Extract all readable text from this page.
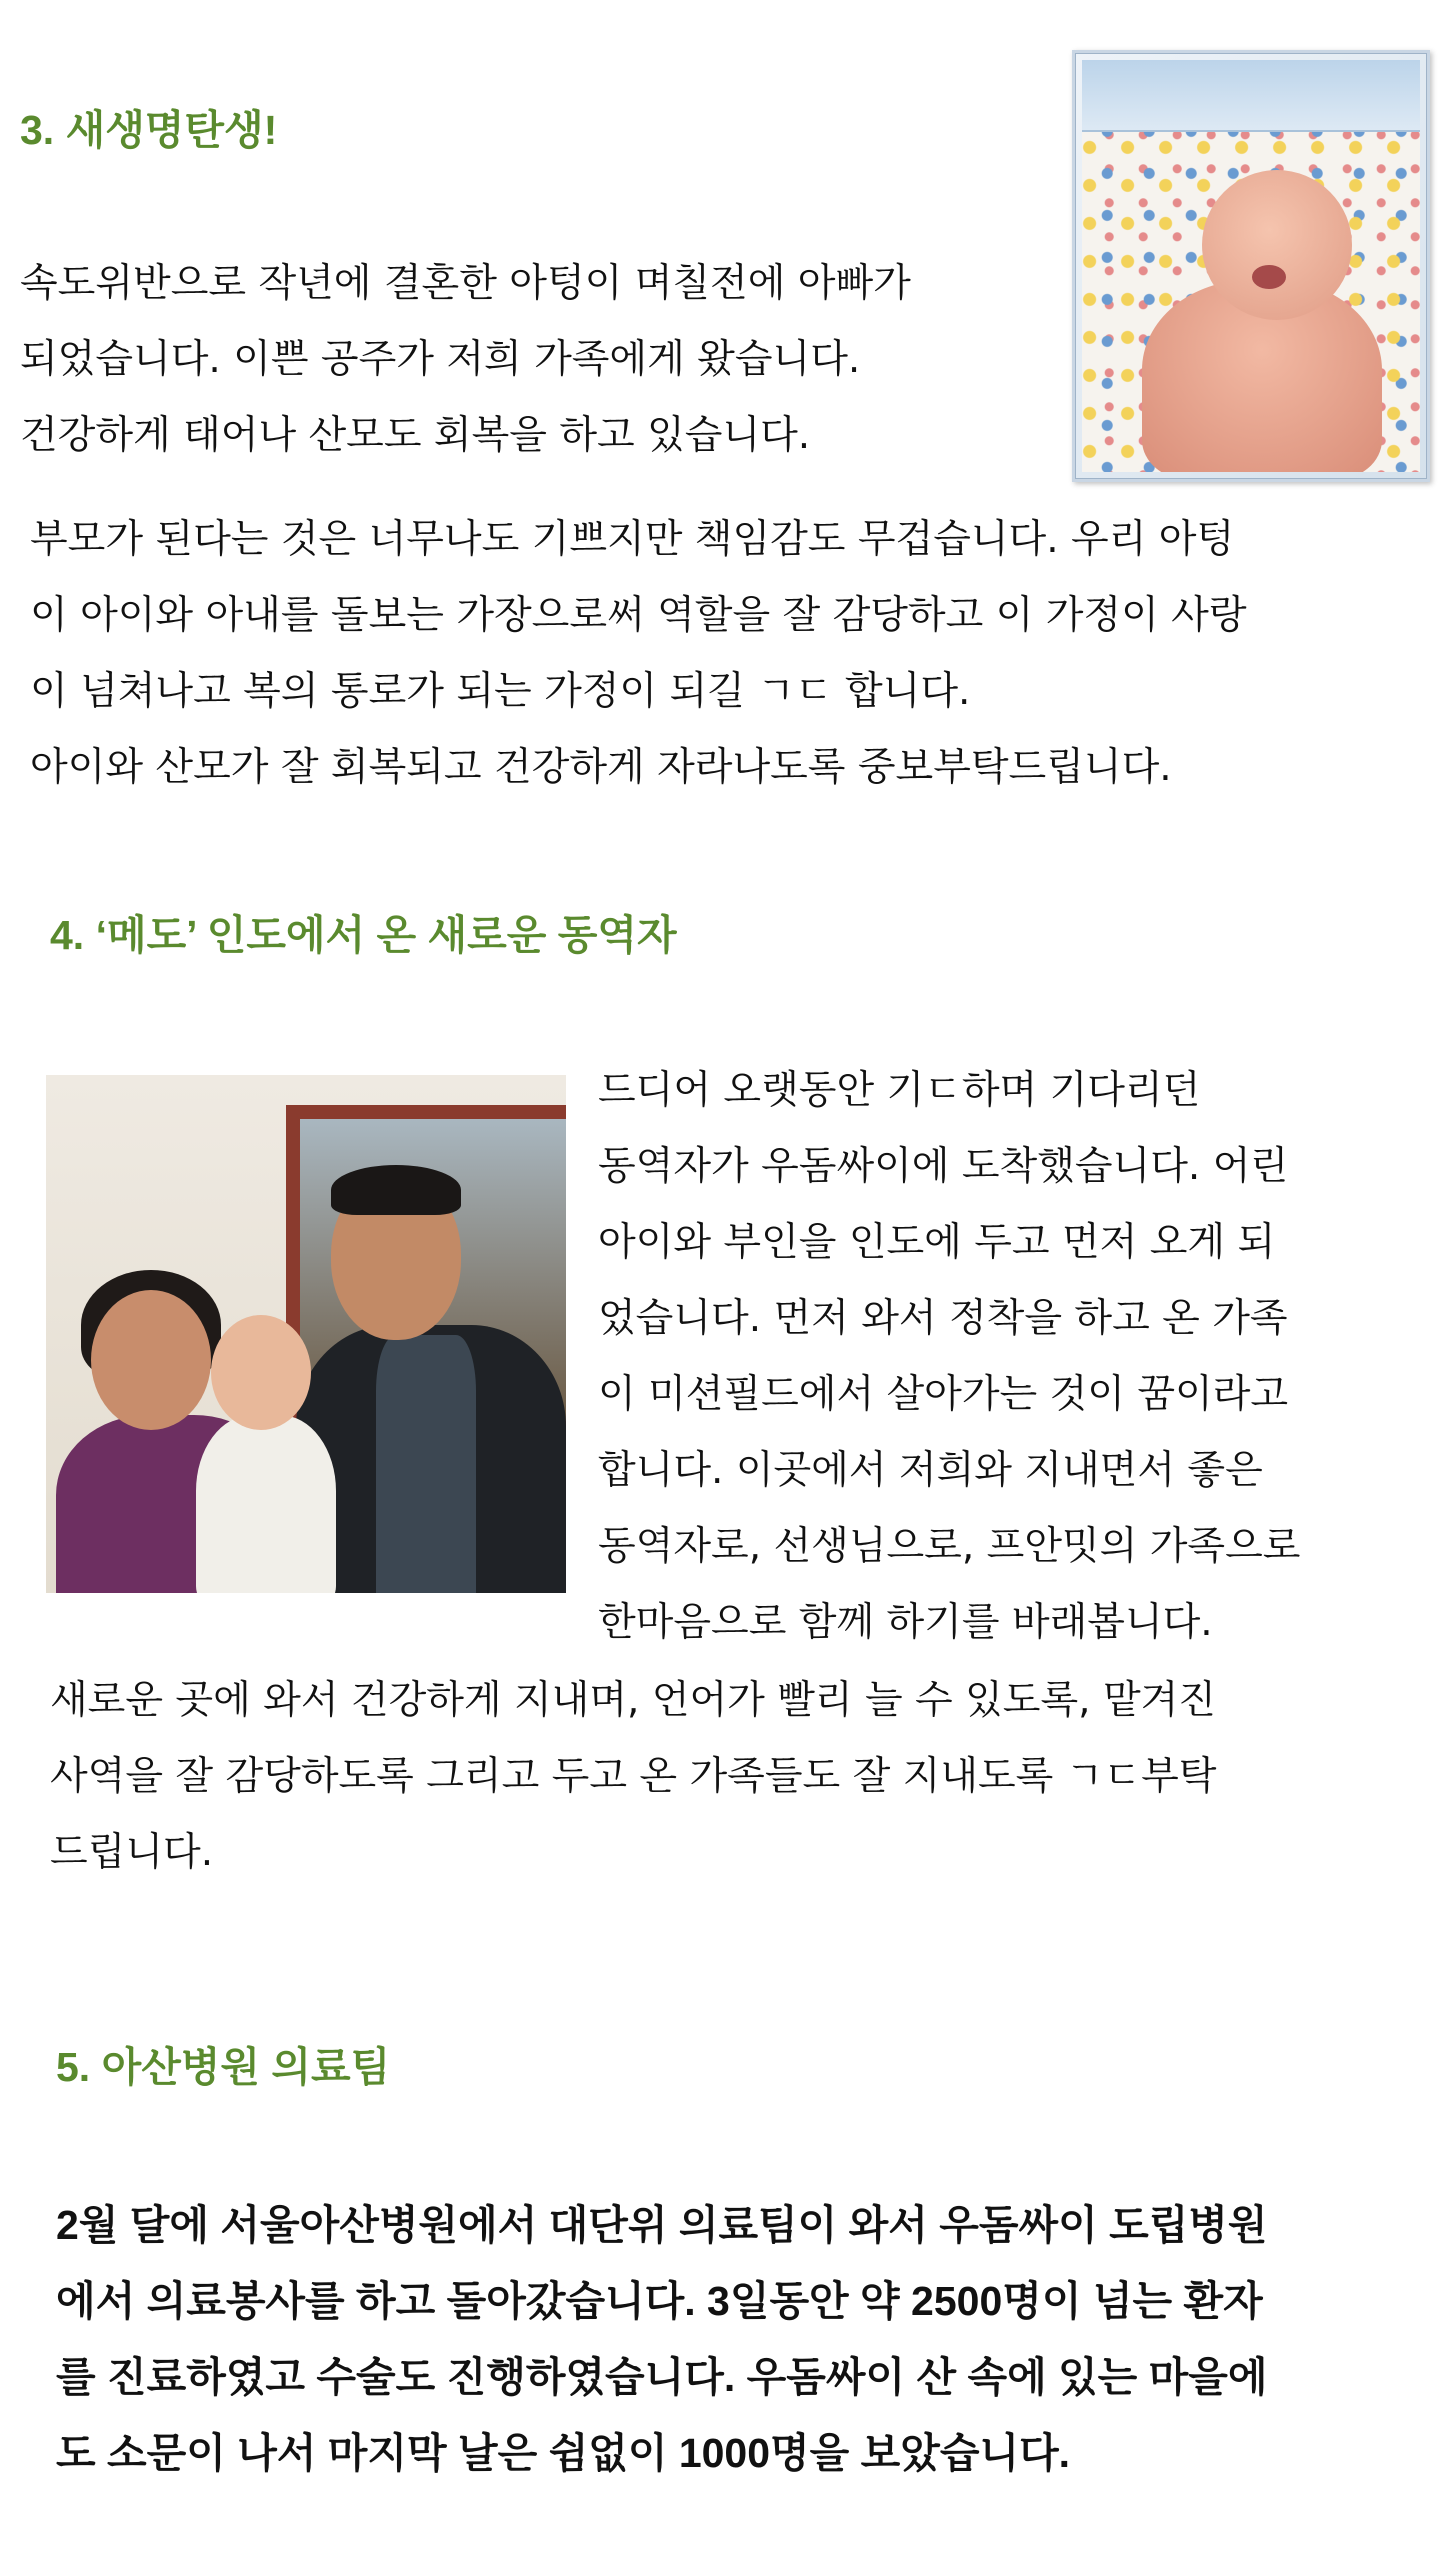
3. 새생명탄생!

속도위반으로 작년에 결혼한 아텅이 며칠전에 아빠가
되었습니다. 이쁜 공주가 저희 가족에게 왔습니다.
건강하게 태어나 산모도 회복을 하고 있습니다.

부모가 된다는 것은 너무나도 기쁘지만 책임감도 무겁습니다. 우리 아텅
이 아이와 아내를 돌보는 가장으로써 역할을 잘 감당하고 이 가정이 사랑
이 넘쳐나고 복의 통로가 되는 가정이 되길 ㄱㄷ 합니다.
아이와 산모가 잘 회복되고 건강하게 자라나도록 중보부탁드립니다.

4. ‘메도’ 인도에서 온 새로운 동역자

드디어 오랫동안 기ㄷ하며 기다리던
동역자가 우돔싸이에 도착했습니다. 어린
아이와 부인을 인도에 두고 먼저 오게 되
었습니다. 먼저 와서 정착을 하고 온 가족
이 미션필드에서 살아가는 것이 꿈이라고
합니다. 이곳에서 저희와 지내면서 좋은
동역자로, 선생님으로, 프안밋의 가족으로
한마음으로 함께 하기를 바래봅니다.

새로운 곳에 와서 건강하게 지내며, 언어가 빨리 늘 수 있도록, 맡겨진
사역을 잘 감당하도록 그리고 두고 온 가족들도 잘 지내도록 ㄱㄷ부탁
드립니다.

5. 아산병원 의료팀

2월 달에 서울아산병원에서 대단위 의료팀이 와서 우돔싸이 도립병원
에서 의료봉사를 하고 돌아갔습니다. 3일동안 약 2500명이 넘는 환자
를 진료하였고 수술도 진행하였습니다. 우돔싸이 산 속에 있는 마을에
도 소문이 나서 마지막 날은 쉼없이 1000명을 보았습니다.
